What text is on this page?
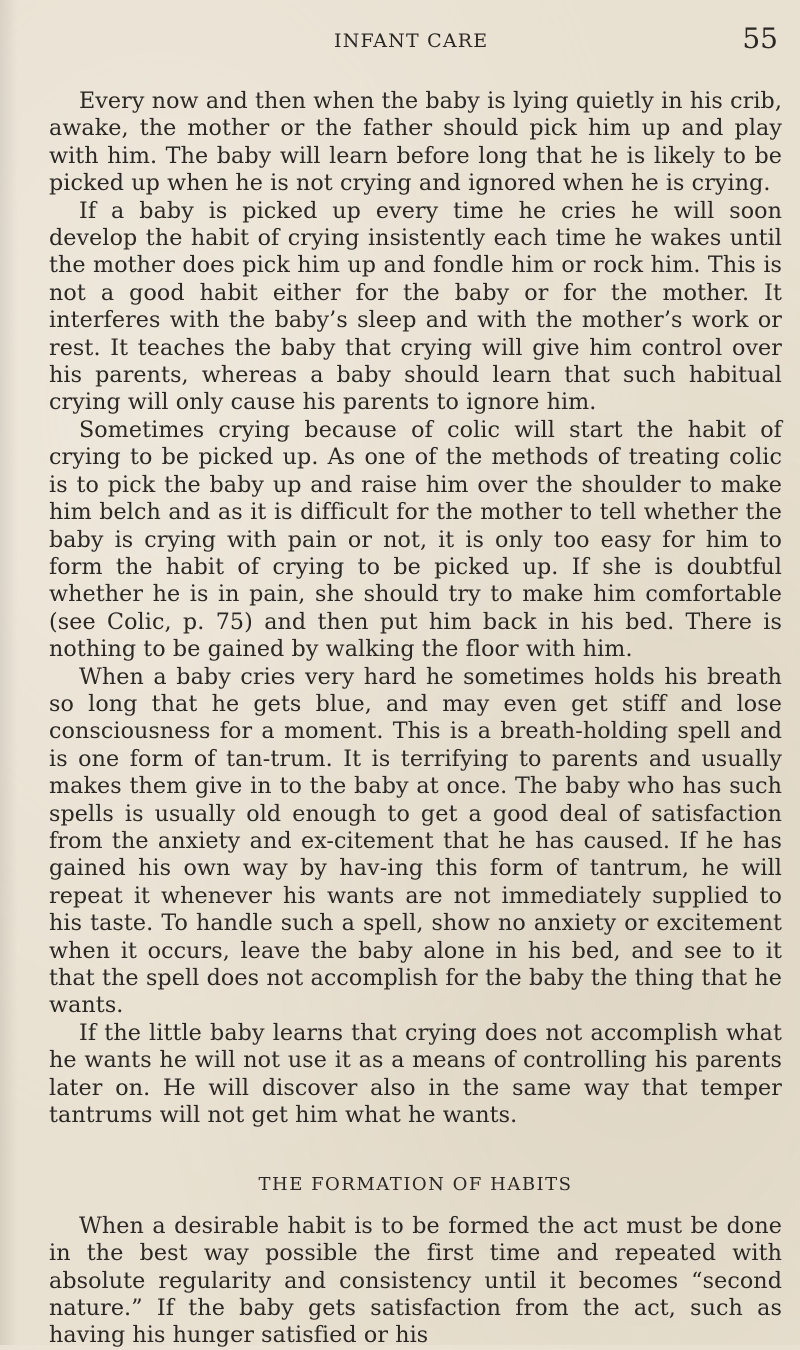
INFANT CARE	55

Every now and then when the baby is lying quietly in his crib, awake, the mother or the father should pick him up and play with him. The baby will learn before long that he is likely to be picked up when he is not crying and ignored when he is crying.

If a baby is picked up every time he cries he will soon develop the habit of crying insistently each time he wakes until the mother does pick him up and fondle him or rock him. This is not a good habit either for the baby or for the mother. It interferes with the baby’s sleep and with the mother’s work or rest. It teaches the baby that crying will give him control over his parents, whereas a baby should learn that such habitual crying will only cause his parents to ignore him.

Sometimes crying because of colic will start the habit of crying to be picked up. As one of the methods of treating colic is to pick the baby up and raise him over the shoulder to make him belch and as it is difficult for the mother to tell whether the baby is crying with pain or not, it is only too easy for him to form the habit of crying to be picked up. If she is doubtful whether he is in pain, she should try to make him comfortable (see Colic, p. 75) and then put him back in his bed. There is nothing to be gained by walking the floor with him.

When a baby cries very hard he sometimes holds his breath so long that he gets blue, and may even get stiff and lose consciousness for a moment. This is a breath-holding spell and is one form of tan-trum. It is terrifying to parents and usually makes them give in to the baby at once. The baby who has such spells is usually old enough to get a good deal of satisfaction from the anxiety and ex-citement that he has caused. If he has gained his own way by hav-ing this form of tantrum, he will repeat it whenever his wants are not immediately supplied to his taste. To handle such a spell, show no anxiety or excitement when it occurs, leave the baby alone in his bed, and see to it that the spell does not accomplish for the baby the thing that he wants.

If the little baby learns that crying does not accomplish what he wants he will not use it as a means of controlling his parents later on. He will discover also in the same way that temper tantrums will not get him what he wants.

THE FORMATION OF HABITS

When a desirable habit is to be formed the act must be done in the best way possible the first time and repeated with absolute regularity and consistency until it becomes “second nature.” If the baby gets satisfaction from the act, such as having his hunger satisfied or his
